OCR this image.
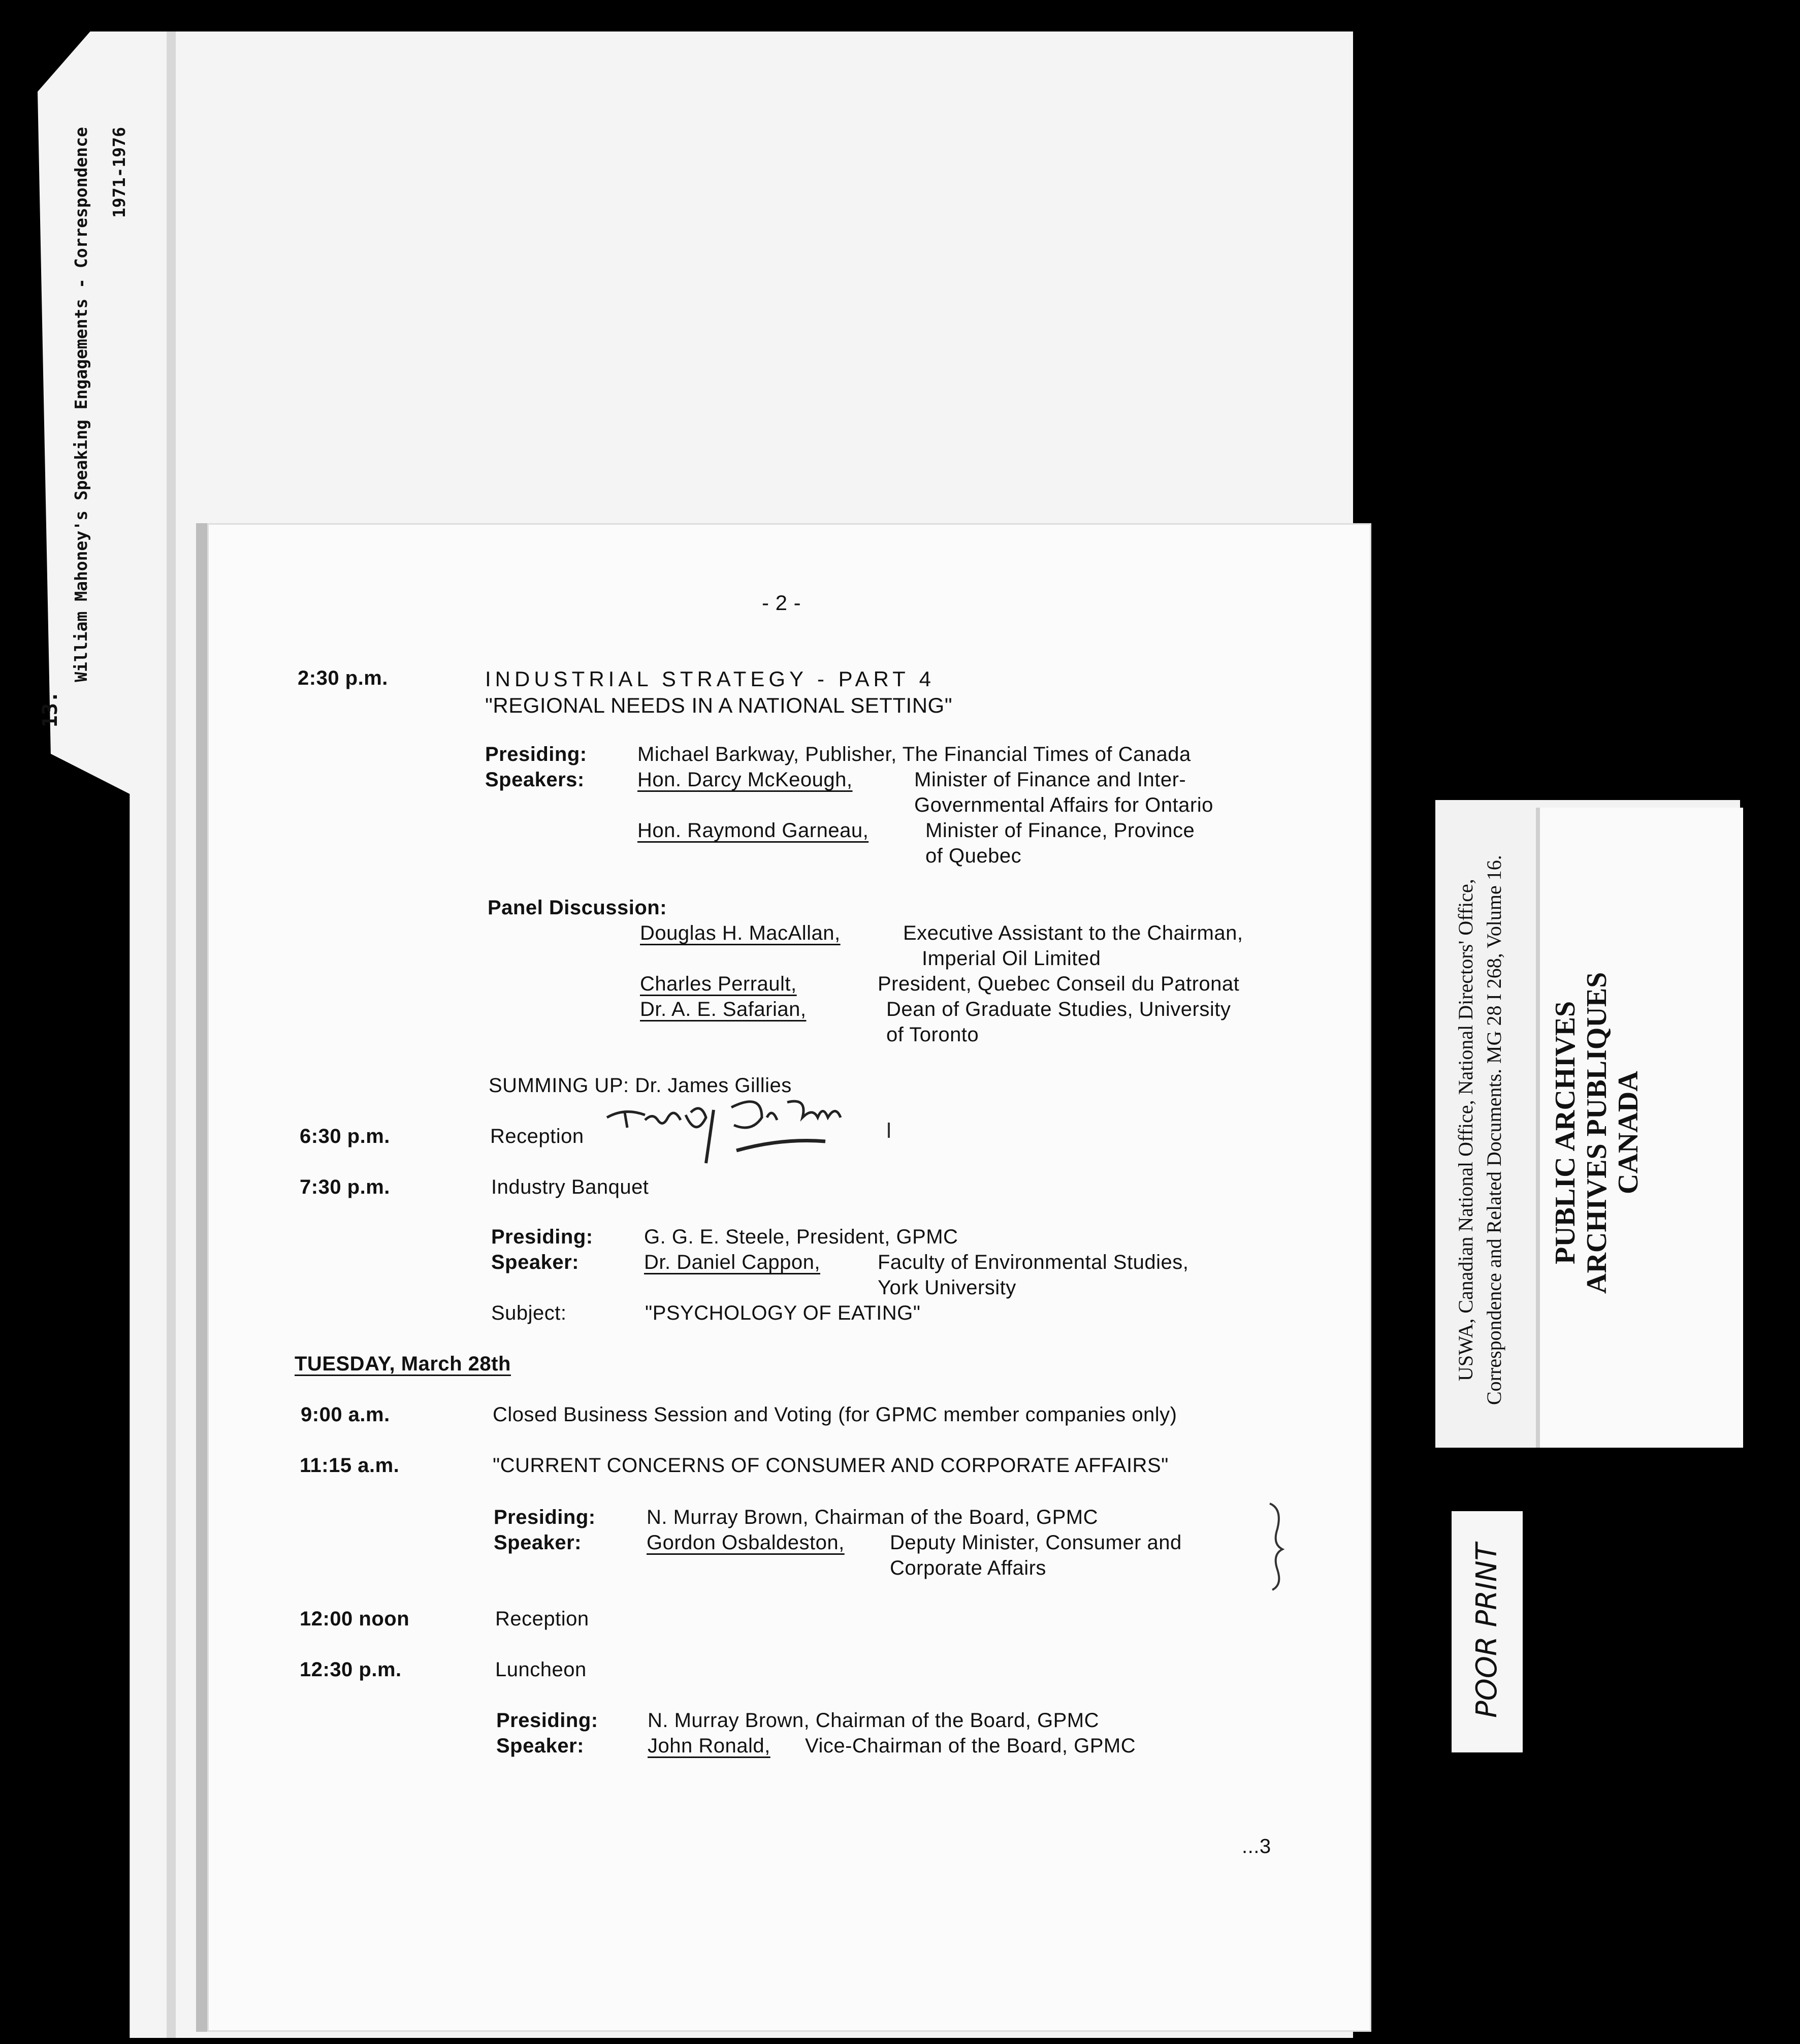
13.
William Mahoney's Speaking Engagements - Correspondence 1971-1976
- 2 -
2:30 p.m.	INDUSTRIAL STRATEGY - PART 4
"REGIONAL NEEDS IN A NATIONAL SETTING"
Presiding: Michael Barkway, Publisher, The Financial Times of Canada
Speakers:	Hon. Darcy McKeough,	Minister of Finance and Inter-
Governmental Affairs for Ontario
Hon. Raymond Garneau,	Minister of Finance, Province
of Quebec
Panel Discussion:
Douglas H. MacAllan,	Executive Assistant to the Chairman,
Imperial Oil Limited
Charles Perrault,	President, Quebec Conseil du Patronat
Dr. A. E. Safarian,	Dean of Graduate Studies, University
of Toronto
SUMMING UP: Dr. James Gillies
6:30 p.m.	Reception
7:30 p.m.	Industry Banquet
Presiding:	G. G. E. Steele, President, GPMC
Speaker:	Dr. Daniel Cappon,	Faculty of Environmental Studies,
York University
Subject:	"PSYCHOLOGY OF EATING"
TUESDAY, March 28th
9:00 a.m.	Closed Business Session and Voting (for GPMC member companies only)
11:15 a.m.	"CURRENT CONCERNS OF CONSUMER AND CORPORATE AFFAIRS"
Presiding:	N. Murray Brown, Chairman of the Board, GPMC
Speaker:	Gordon Osbaldeston, Deputy Minister, Consumer and
Corporate Affairs
12:00 noon	Reception
12:30 p.m.	Luncheon
Presiding: N. Murray Brown, Chairman of the Board, GPMC
Speaker:	John Ronald, Vice-Chairman of the Board, GPMC
...3
USWA, Canadian National Office, National Directors' Office, Correspondence and Related Documents. MG 28 I 268, Volume 16. PUBLIC ARCHIVES ARCHIVES PUBLIQUES CANADA
POOR PRINT
